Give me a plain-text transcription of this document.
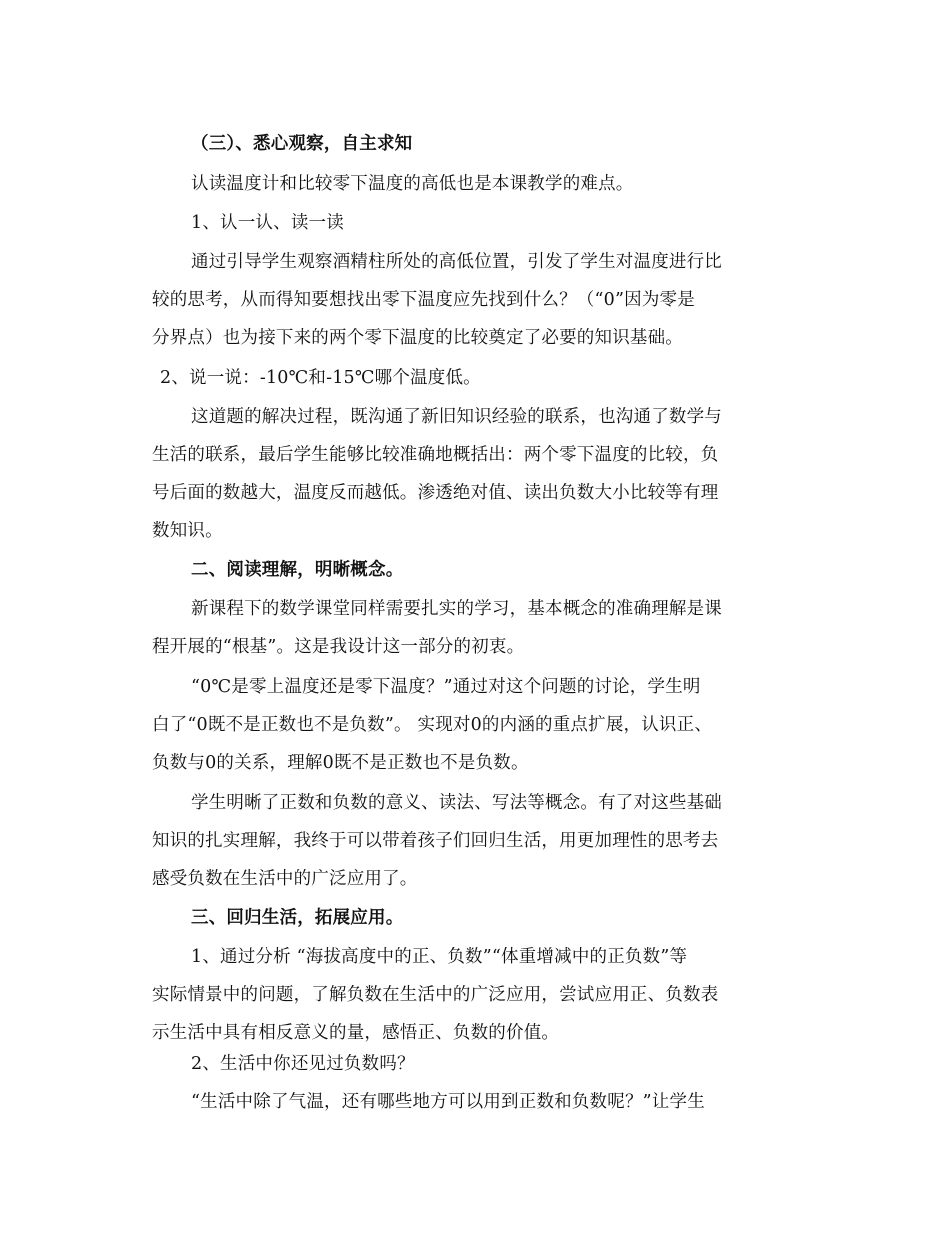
（三）、悉心观察，自主求知
认读温度计和比较零下温度的高低也是本课教学的难点。
1、认一认、读一读
通过引导学生观察酒精柱所处的高低位置，引发了学生对温度进行比
较的思考，从而得知要想找出零下温度应先找到什么？（“0”因为零是
分界点）也为接下来的两个零下温度的比较奠定了必要的知识基础。
2、说一说：-10℃和-15℃哪个温度低。
这道题的解决过程，既沟通了新旧知识经验的联系，也沟通了数学与
生活的联系，最后学生能够比较准确地概括出：两个零下温度的比较，负
号后面的数越大，温度反而越低。渗透绝对值、读出负数大小比较等有理
数知识。
二、阅读理解，明晰概念。
新课程下的数学课堂同样需要扎实的学习，基本概念的准确理解是课
程开展的“根基”。这是我设计这一部分的初衷。
“0℃是零上温度还是零下温度？”通过对这个问题的讨论，学生明
白了“0既不是正数也不是负数”。 实现对0的内涵的重点扩展，认识正、
负数与0的关系，理解0既不是正数也不是负数。
学生明晰了正数和负数的意义、读法、写法等概念。有了对这些基础
知识的扎实理解，我终于可以带着孩子们回归生活，用更加理性的思考去
感受负数在生活中的广泛应用了。
三、回归生活，拓展应用。
1、通过分析 “海拔高度中的正、负数”“体重增减中的正负数”等
实际情景中的问题，了解负数在生活中的广泛应用，尝试应用正、负数表
示生活中具有相反意义的量，感悟正、负数的价值。
2、生活中你还见过负数吗？
“生活中除了气温，还有哪些地方可以用到正数和负数呢？”让学生
